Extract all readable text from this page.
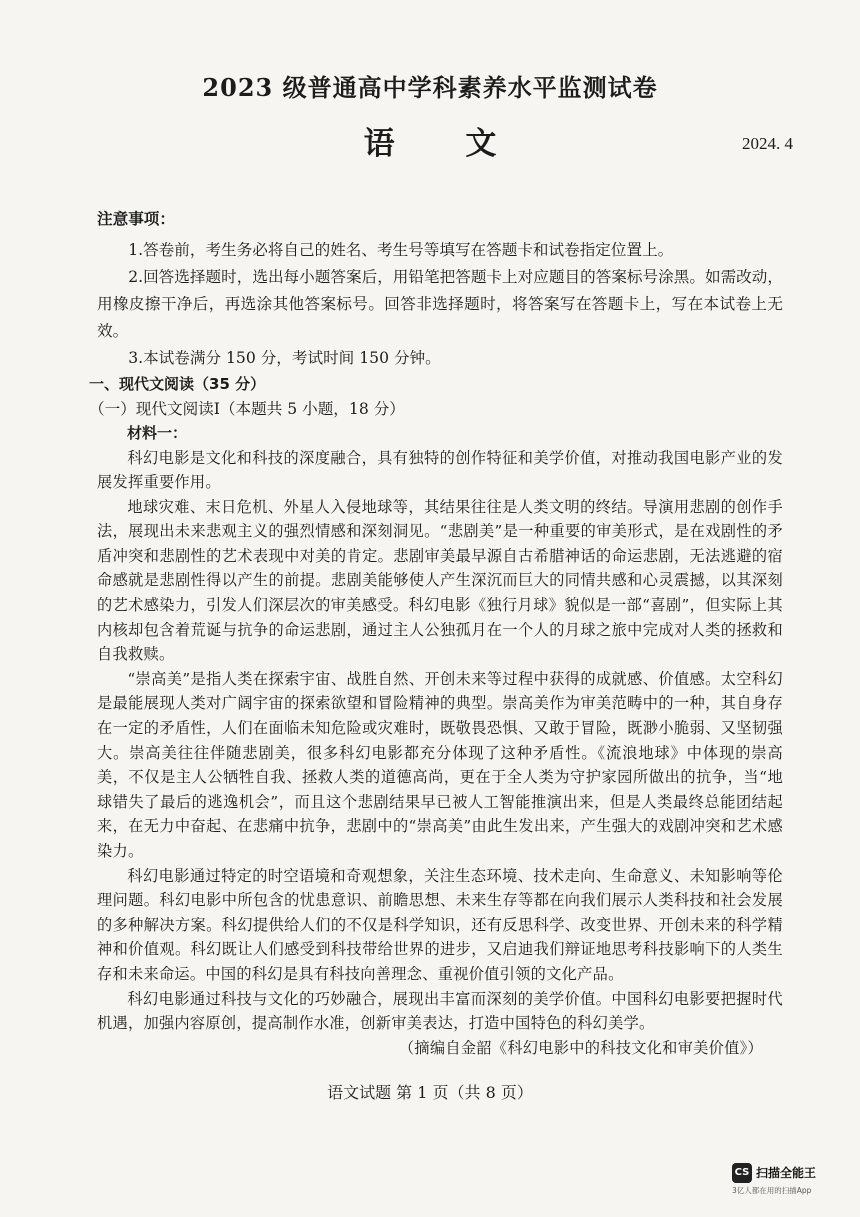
2023 级普通高中学科素养水平监测试卷
语 文	2024. 4

注意事项：

1.答卷前，考生务必将自己的姓名、考生号等填写在答题卡和试卷指定位置上。

2.回答选择题时，选出每小题答案后，用铅笔把答题卡上对应题目的答案标号涂黑。如需改动，用橡皮擦干净后，再选涂其他答案标号。回答非选择题时，将答案写在答题卡上，写在本试卷上无效。

3.本试卷满分 150 分，考试时间 150 分钟。

一、现代文阅读（35 分）

（一）现代文阅读Ⅰ（本题共 5 小题，18 分）

材料一：

科幻电影是文化和科技的深度融合，具有独特的创作特征和美学价值，对推动我国电影产业的发展发挥重要作用。

地球灾难、末日危机、外星人入侵地球等，其结果往往是人类文明的终结。导演用悲剧的创作手法，展现出未来悲观主义的强烈情感和深刻洞见。“悲剧美”是一种重要的审美形式，是在戏剧性的矛盾冲突和悲剧性的艺术表现中对美的肯定。悲剧审美最早源自古希腊神话的命运悲剧，无法逃避的宿命感就是悲剧性得以产生的前提。悲剧美能够使人产生深沉而巨大的同情共感和心灵震撼，以其深刻的艺术感染力，引发人们深层次的审美感受。科幻电影《独行月球》貌似是一部“喜剧”，但实际上其内核却包含着荒诞与抗争的命运悲剧，通过主人公独孤月在一个人的月球之旅中完成对人类的拯救和自我救赎。

“崇高美”是指人类在探索宇宙、战胜自然、开创未来等过程中获得的成就感、价值感。太空科幻是最能展现人类对广阔宇宙的探索欲望和冒险精神的典型。崇高美作为审美范畴中的一种，其自身存在一定的矛盾性，人们在面临未知危险或灾难时，既敬畏恐惧、又敢于冒险，既渺小脆弱、又坚韧强大。崇高美往往伴随悲剧美，很多科幻电影都充分体现了这种矛盾性。《流浪地球》中体现的崇高美，不仅是主人公牺牲自我、拯救人类的道德高尚，更在于全人类为守护家园所做出的抗争，当“地球错失了最后的逃逸机会”，而且这个悲剧结果早已被人工智能推演出来，但是人类最终总能团结起来，在无力中奋起、在悲痛中抗争，悲剧中的“崇高美”由此生发出来，产生强大的戏剧冲突和艺术感染力。

科幻电影通过特定的时空语境和奇观想象，关注生态环境、技术走向、生命意义、未知影响等伦理问题。科幻电影中所包含的忧患意识、前瞻思想、未来生存等都在向我们展示人类科技和社会发展的多种解决方案。科幻提供给人们的不仅是科学知识，还有反思科学、改变世界、开创未来的科学精神和价值观。科幻既让人们感受到科技带给世界的进步，又启迪我们辩证地思考科技影响下的人类生存和未来命运。中国的科幻是具有科技向善理念、重视价值引领的文化产品。

科幻电影通过科技与文化的巧妙融合，展现出丰富而深刻的美学价值。中国科幻电影要把握时代机遇，加强内容原创，提高制作水准，创新审美表达，打造中国特色的科幻美学。

（摘编自金韶《科幻电影中的科技文化和审美价值》）

语文试题 第 1 页（共 8 页）
CS 扫描全能王
3亿人都在用的扫描App
